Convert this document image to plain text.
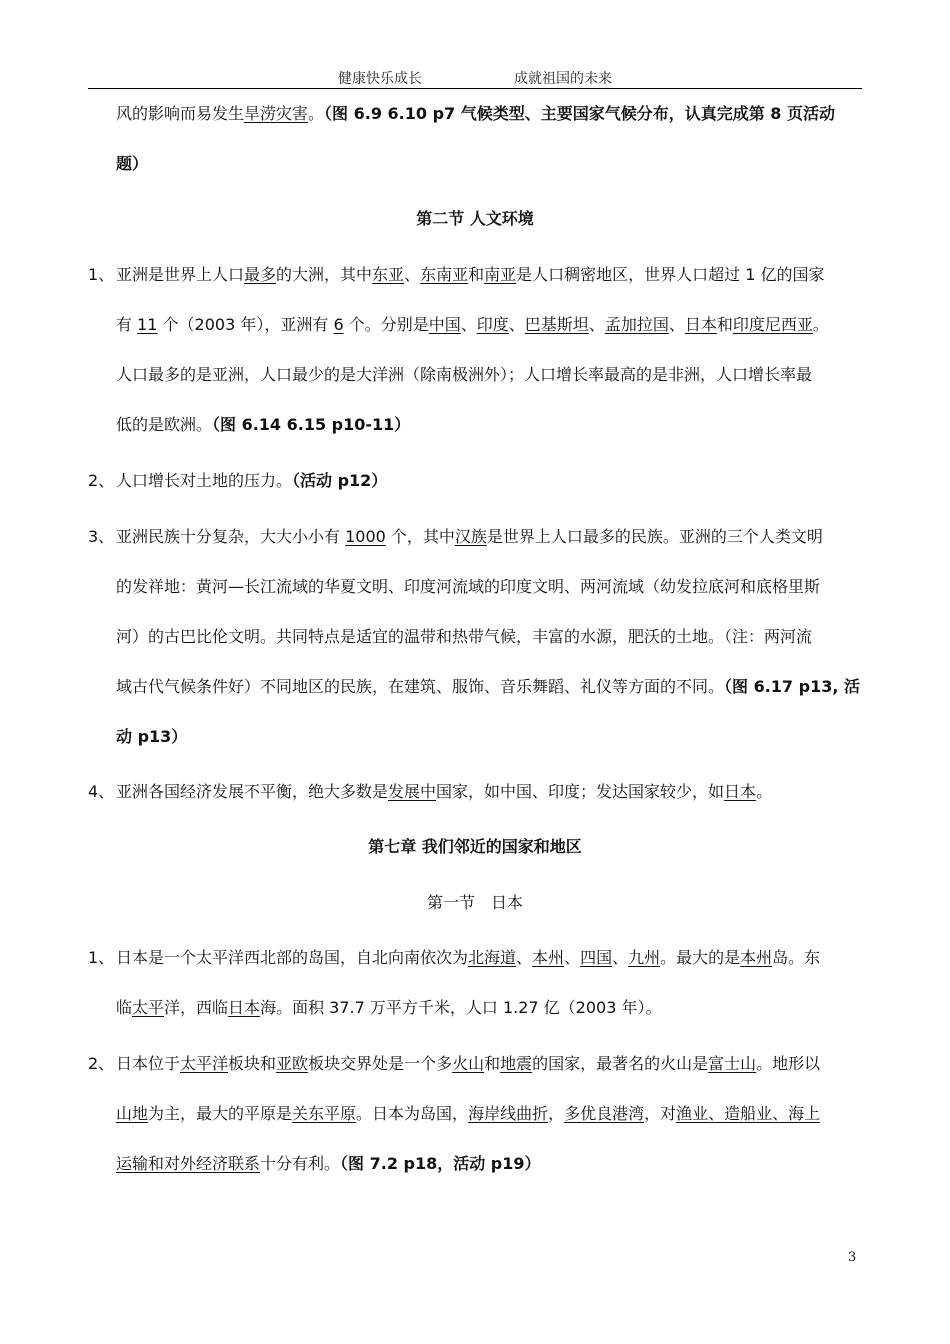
健康快乐成长	成就祖国的未来
风的影响而易发生旱涝灾害。（图 6.9 6.10 p7 气候类型、主要国家气候分布，认真完成第 8 页活动
题）
第二节 人文环境
1、 亚洲是世界上人口最多的大洲，其中东亚、东南亚和南亚是人口稠密地区，世界人口超过 1 亿的国家
有 11 个（2003 年），亚洲有 6 个。分别是中国、印度、巴基斯坦、孟加拉国、日本和印度尼西亚。
人口最多的是亚洲，人口最少的是大洋洲（除南极洲外）；人口增长率最高的是非洲，人口增长率最
低的是欧洲。（图 6.14 6.15 p10-11）
2、 人口增长对土地的压力。（活动 p12）
3、 亚洲民族十分复杂，大大小小有 1000 个，其中汉族是世界上人口最多的民族。亚洲的三个人类文明
的发祥地：黄河—长江流域的华夏文明、印度河流域的印度文明、两河流域（幼发拉底河和底格里斯
河）的古巴比伦文明。共同特点是适宜的温带和热带气候，丰富的水源，肥沃的土地。（注：两河流
域古代气候条件好）不同地区的民族，在建筑、服饰、音乐舞蹈、礼仪等方面的不同。（图 6.17 p13, 活
动 p13）
4、 亚洲各国经济发展不平衡，绝大多数是发展中国家，如中国、印度；发达国家较少，如日本。
第七章 我们邻近的国家和地区
第一节　日本
1、 日本是一个太平洋西北部的岛国，自北向南依次为北海道、本州、四国、九州。最大的是本州岛。东
临太平洋，西临日本海。面积 37.7 万平方千米，人口 1.27 亿（2003 年）。
2、 日本位于太平洋板块和亚欧板块交界处是一个多火山和地震的国家，最著名的火山是富士山。地形以
山地为主，最大的平原是关东平原。日本为岛国，海岸线曲折，多优良港湾，对渔业、造船业、海上
运输和对外经济联系十分有利。（图 7.2 p18，活动 p19）
3
